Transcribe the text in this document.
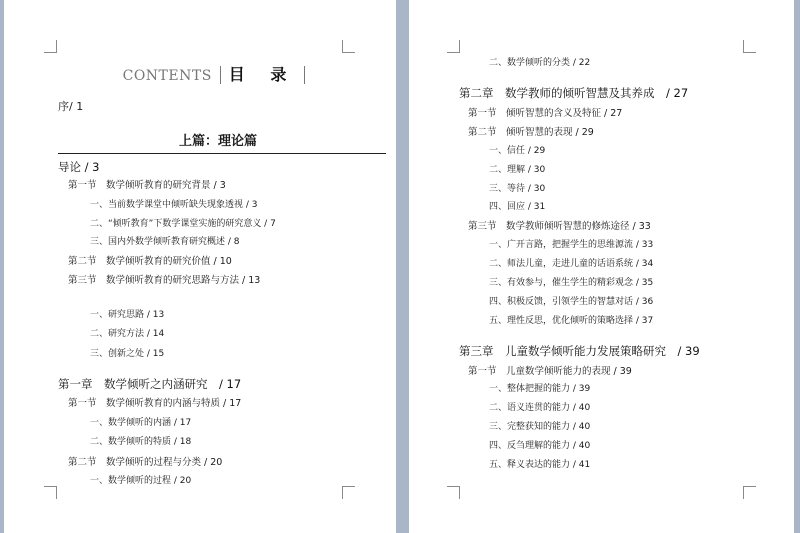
CONTENTS 目 录
序/ 1
上篇：理论篇
导论 / 3
第一节　数学倾听教育的研究背景 / 3
一、当前数学课堂中倾听缺失现象透视 / 3
二、“倾听教育”下数学课堂实施的研究意义 / 7
三、国内外数学倾听教育研究概述 / 8
第二节　数学倾听教育的研究价值 / 10
第三节　数学倾听教育的研究思路与方法 / 13
一、研究思路 / 13
二、研究方法 / 14
三、创新之处 / 15
第一章　数学倾听之内涵研究　/ 17
第一节　数学倾听教育的内涵与特质 / 17
一、数学倾听的内涵 / 17
二、数学倾听的特质 / 18
第二节　数学倾听的过程与分类 / 20
一、数学倾听的过程 / 20
二、数学倾听的分类 / 22
第二章　数学教师的倾听智慧及其养成　/ 27
第一节　倾听智慧的含义及特征 / 27
第二节　倾听智慧的表现 / 29
一、信任 / 29
二、理解 / 30
三、等待 / 30
四、回应 / 31
第三节　数学教师倾听智慧的修炼途径 / 33
一、广开言路，把握学生的思维源流 / 33
二、师法儿童，走进儿童的话语系统 / 34
三、有效参与，催生学生的精彩观念 / 35
四、积极反馈，引领学生的智慧对话 / 36
五、理性反思，优化倾听的策略选择 / 37
第三章　儿童数学倾听能力发展策略研究　/ 39
第一节　儿童数学倾听能力的表现 / 39
一、整体把握的能力 / 39
二、语义连贯的能力 / 40
三、完整获知的能力 / 40
四、反刍理解的能力 / 40
五、释义表达的能力 / 41
